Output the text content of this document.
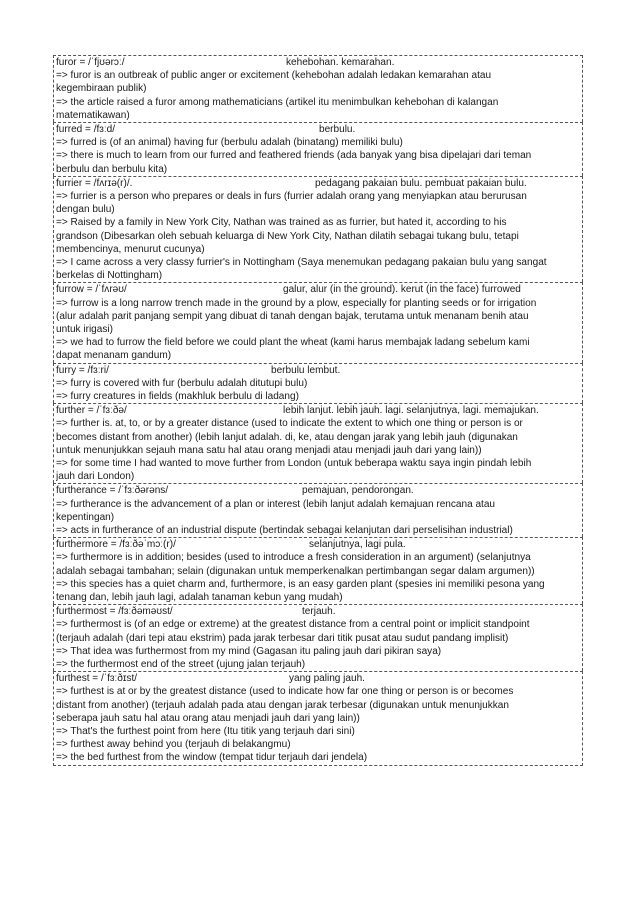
furor = /ˈfjʊərɔː/	kehebohan. kemarahan.
=> furor is an outbreak of public anger or excitement (kehebohan adalah ledakan kemarahan atau
kegembiraan publik)
=> the article raised a furor among mathematicians (artikel itu menimbulkan kehebohan di kalangan
matematikawan)
furred = /fɜːd/	berbulu.
=> furred is (of an animal) having fur (berbulu adalah (binatang) memiliki bulu)
=> there is much to learn from our furred and feathered friends (ada banyak yang bisa dipelajari dari teman
berbulu dan berbulu kita)
furrier = /fʌrɪə(r)/.	pedagang pakaian bulu. pembuat pakaian bulu.
=> furrier is a person who prepares or deals in furs (furrier adalah orang yang menyiapkan atau berurusan
dengan bulu)
=> Raised by a family in New York City, Nathan was trained as as furrier, but hated it, according to his
grandson (Dibesarkan oleh sebuah keluarga di New York City, Nathan dilatih sebagai tukang bulu, tetapi
membencinya, menurut cucunya)
=> I came across a very classy furrier's in Nottingham (Saya menemukan pedagang pakaian bulu yang sangat
berkelas di Nottingham)
furrow = /ˈfʌrəʊ/	galur, alur (in the ground). kerut (in the face) furrowed
=> furrow is a long narrow trench made in the ground by a plow, especially for planting seeds or for irrigation
(alur adalah parit panjang sempit yang dibuat di tanah dengan bajak, terutama untuk menanam benih atau
untuk irigasi)
=> we had to furrow the field before we could plant the wheat (kami harus membajak ladang sebelum kami
dapat menanam gandum)
furry = /fɜːri/	berbulu lembut.
=> furry is covered with fur (berbulu adalah ditutupi bulu)
=> furry creatures in fields (makhluk berbulu di ladang)
further = /ˈfɜːðə/	lebih lanjut. lebih jauh. lagi. selanjutnya, lagi. memajukan.
=> further is. at, to, or by a greater distance (used to indicate the extent to which one thing or person is or
becomes distant from another) (lebih lanjut adalah. di, ke, atau dengan jarak yang lebih jauh (digunakan
untuk menunjukkan sejauh mana satu hal atau orang menjadi atau menjadi jauh dari yang lain))
=> for some time I had wanted to move further from London (untuk beberapa waktu saya ingin pindah lebih
jauh dari London)
furtherance = /ˈfɜːðərəns/	pemajuan, pendorongan.
=> furtherance is the advancement of a plan or interest (lebih lanjut adalah kemajuan rencana atau
kepentingan)
=> acts in furtherance of an industrial dispute (bertindak sebagai kelanjutan dari perselisihan industrial)
furthermore = /fɜːðəˈmɔː(r)/	selanjutnya, lagi pula.
=> furthermore is in addition; besides (used to introduce a fresh consideration in an argument) (selanjutnya
adalah sebagai tambahan; selain (digunakan untuk memperkenalkan pertimbangan segar dalam argumen))
=> this species has a quiet charm and, furthermore, is an easy garden plant (spesies ini memiliki pesona yang
tenang dan, lebih jauh lagi, adalah tanaman kebun yang mudah)
furthermost = /fɜːðəməʊst/	terjauh.
=> furthermost is (of an edge or extreme) at the greatest distance from a central point or implicit standpoint
(terjauh adalah (dari tepi atau ekstrim) pada jarak terbesar dari titik pusat atau sudut pandang implisit)
=> That idea was furthermost from my mind (Gagasan itu paling jauh dari pikiran saya)
=> the furthermost end of the street (ujung jalan terjauh)
furthest = /ˈfɜːðɪst/	yang paling jauh.
=> furthest is at or by the greatest distance (used to indicate how far one thing or person is or becomes
distant from another) (terjauh adalah pada atau dengan jarak terbesar (digunakan untuk menunjukkan
seberapa jauh satu hal atau orang atau menjadi jauh dari yang lain))
=> That's the furthest point from here (Itu titik yang terjauh dari sini)
=> furthest away behind you (terjauh di belakangmu)
=> the bed furthest from the window (tempat tidur terjauh dari jendela)
